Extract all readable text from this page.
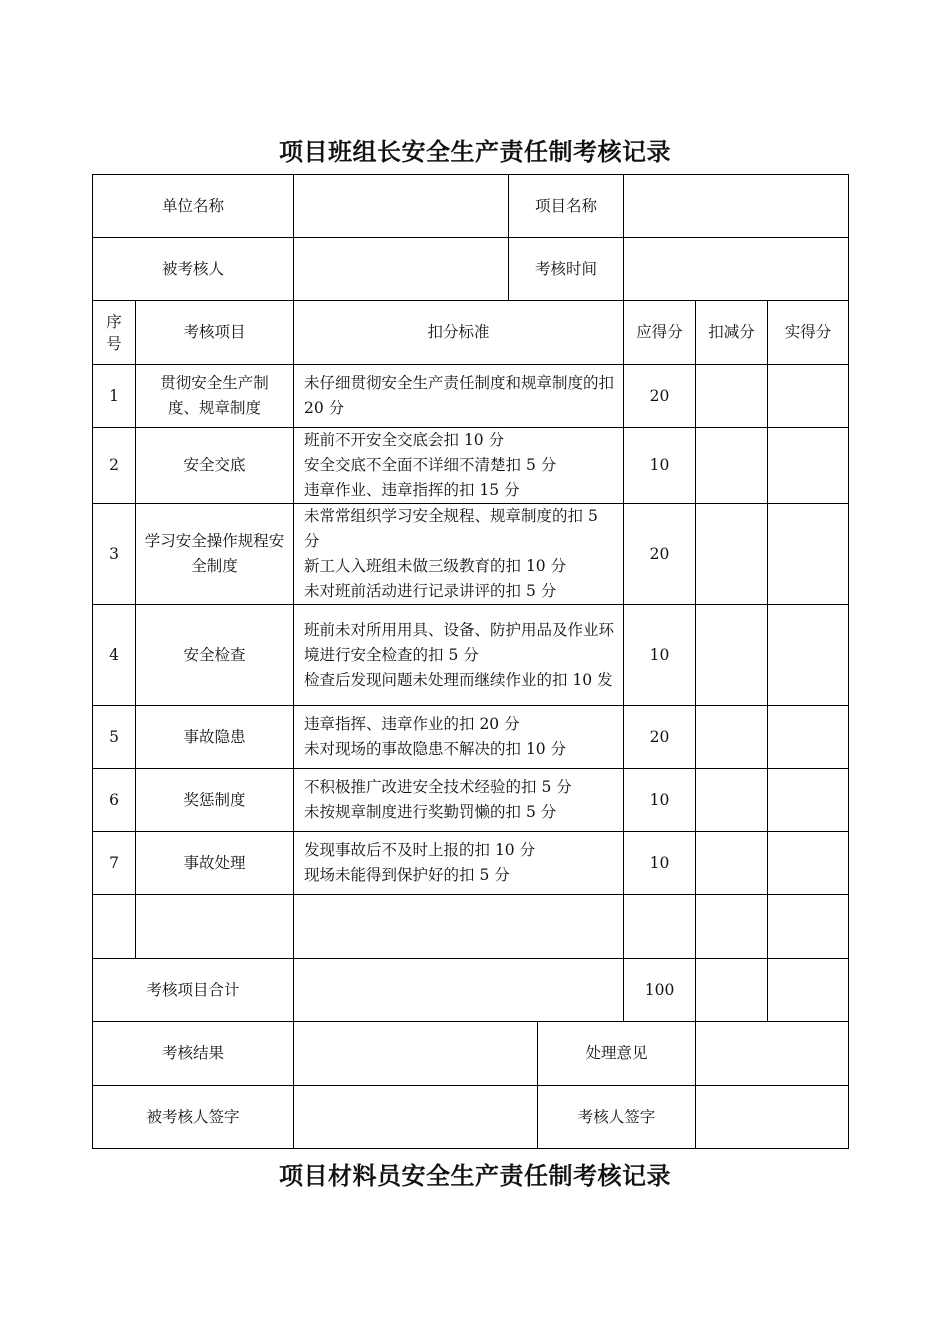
项目班组长安全生产责任制考核记录
单位名称			项目名称				
被考核人			考核时间				

序号	考核项目	扣分标准			应得分	扣减分	实得分
1	贯彻安全生产制度、规章制度	未仔细贯彻安全生产责任制度和规章制度的扣 20 分			20		
2	安全交底	班前不开安全交底会扣 10 分
安全交底不全面不详细不清楚扣 5 分
违章作业、违章指挥的扣 15 分			10		
3	学习安全操作规程安全制度	未常常组织学习安全规程、规章制度的扣 5 分
新工人入班组未做三级教育的扣 10 分
未对班前活动进行记录讲评的扣 5 分			20		
4	安全检查	班前未对所用用具、设备、防护用品及作业环境进行安全检查的扣 5 分
检查后发现问题未处理而继续作业的扣 10 发			10		
5	事故隐患	违章指挥、违章作业的扣 20 分
未对现场的事故隐患不解决的扣 10 分			20		
6	奖惩制度	不积极推广改进安全技术经验的扣 5 分
未按规章制度进行奖勤罚懒的扣 5 分			10		
7	事故处理	发现事故后不及时上报的扣 10 分
现场未能得到保护好的扣 5 分			10		

考核项目合计					100		
考核结果				处理意见			
被考核人签字				考核人签字			
项目材料员安全生产责任制考核记录
